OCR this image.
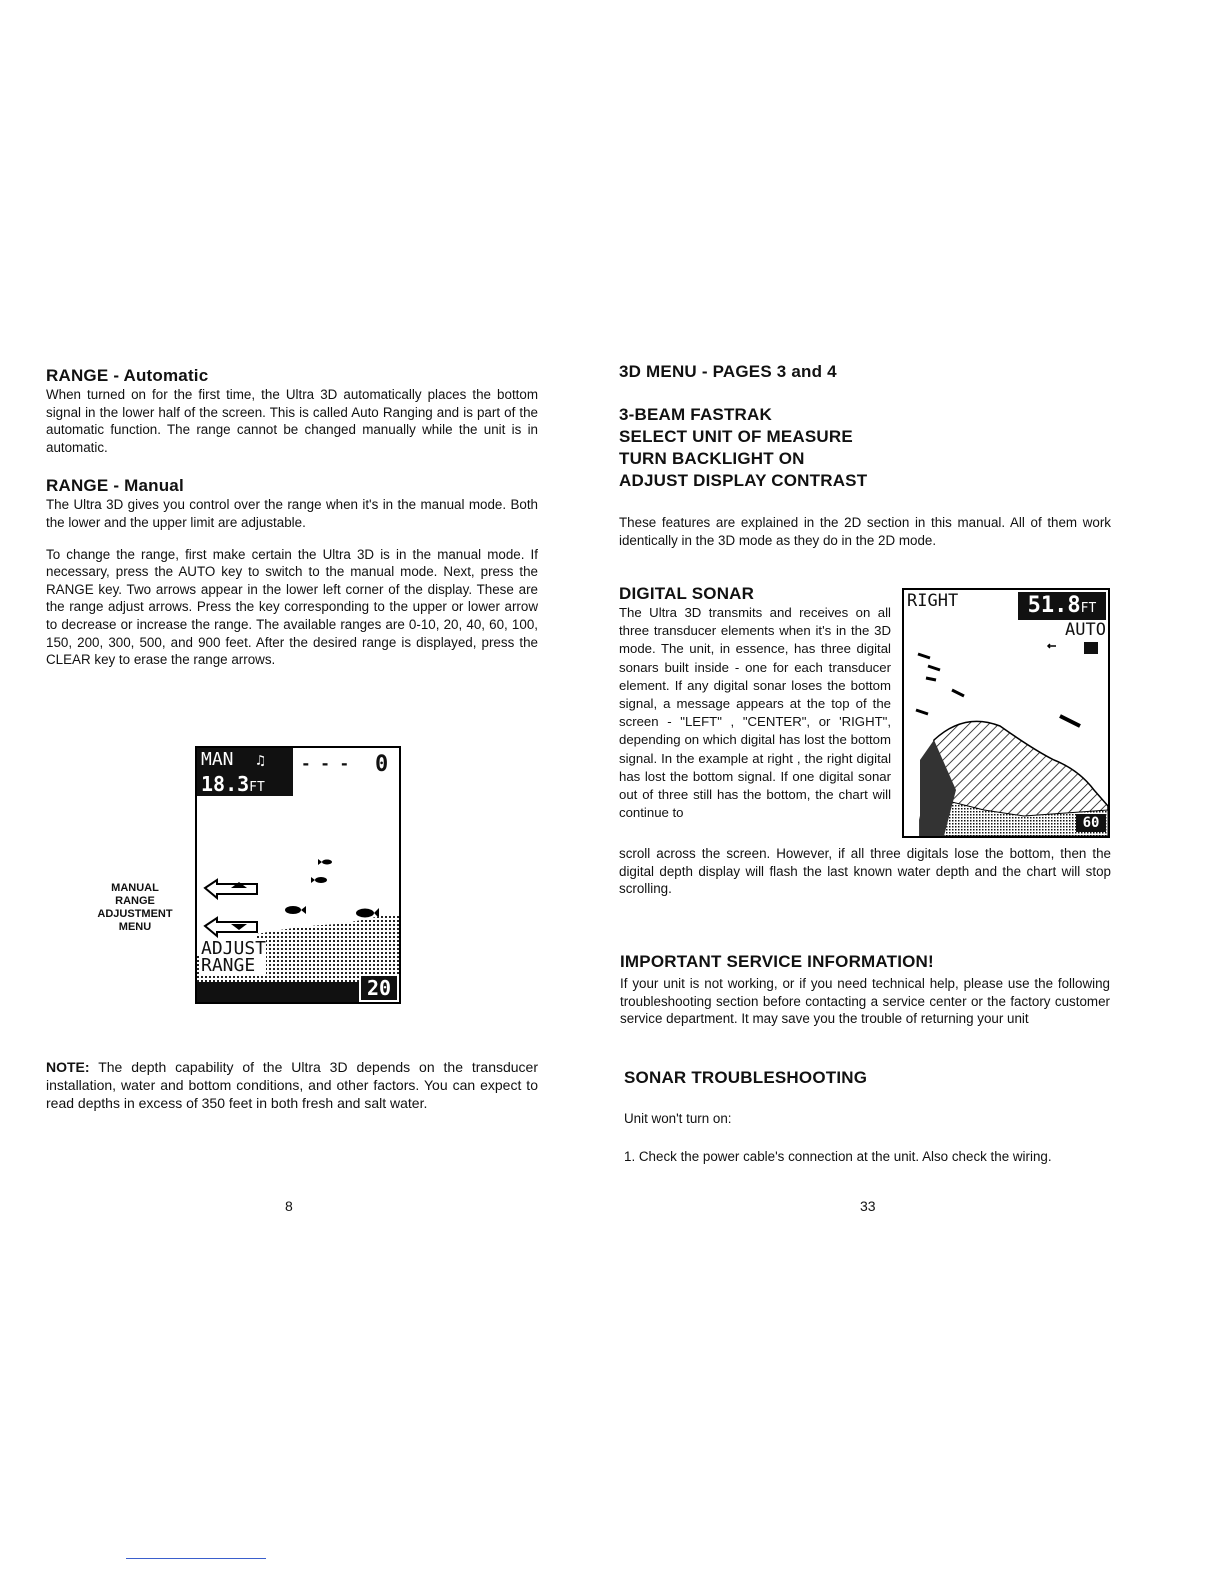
RANGE - Automatic

When turned on for the first time, the Ultra 3D automatically places the bottom signal in the lower half of the screen. This is called Auto Ranging and is part of the automatic function. The range cannot be changed manually while the unit is in automatic.

RANGE - Manual

The Ultra 3D gives you control over the range when it's in the manual mode. Both the lower and the upper limit are adjustable.

To change the range, first make certain the Ultra 3D is in the manual mode. If necessary, press the AUTO key to switch to the manual mode. Next, press the RANGE key. Two arrows appear in the lower left corner of the display. These are the range adjust arrows. Press the key corresponding to the upper or lower arrow to decrease or increase the range. The available ranges are 0-10, 20, 40, 60, 100, 150, 200, 300, 500, and 900 feet. After the desired range is displayed, press the CLEAR key to erase the range arrows.

MANUAL
RANGE
ADJUSTMENT
MENU
MAN ♫
18.3FT
- - - 0
ADJUST
RANGE
20

NOTE: The depth capability of the Ultra 3D depends on the transducer installation, water and bottom conditions, and other factors. You can expect to read depths in excess of 350 feet in both fresh and salt water.

8
3D MENU - PAGES 3 and 4
3-BEAM FASTRAK
SELECT UNIT OF MEASURE
TURN BACKLIGHT ON
ADJUST DISPLAY CONTRAST

These features are explained in the 2D section in this manual. All of them work identically in the 3D mode as they do in the 2D mode.

DIGITAL SONAR

The Ultra 3D transmits and receives on all three transducer elements when it's in the 3D mode. The unit, in essence, has three digital sonars built inside - one for each transducer element. If any digital sonar loses the bottom signal, a message appears at the top of the screen - "LEFT" , "CENTER", or 'RIGHT", depending on which digital has lost the bottom signal. In the example at right , the right digital has lost the bottom signal. If one digital sonar out of three still has the bottom, the chart will continue to

scroll across the screen. However, if all three digitals lose the bottom, then the digital depth display will flash the last known water depth and the chart will stop scrolling.

RIGHT	51.8FT
AUTO
60
IMPORTANT SERVICE INFORMATION!

If your unit is not working, or if you need technical help, please use the following troubleshooting section before contacting a service center or the factory customer service department. It may save you the trouble of returning your unit

SONAR TROUBLESHOOTING

Unit won't turn on:

1. Check the power cable's connection at the unit. Also check the wiring.

33
